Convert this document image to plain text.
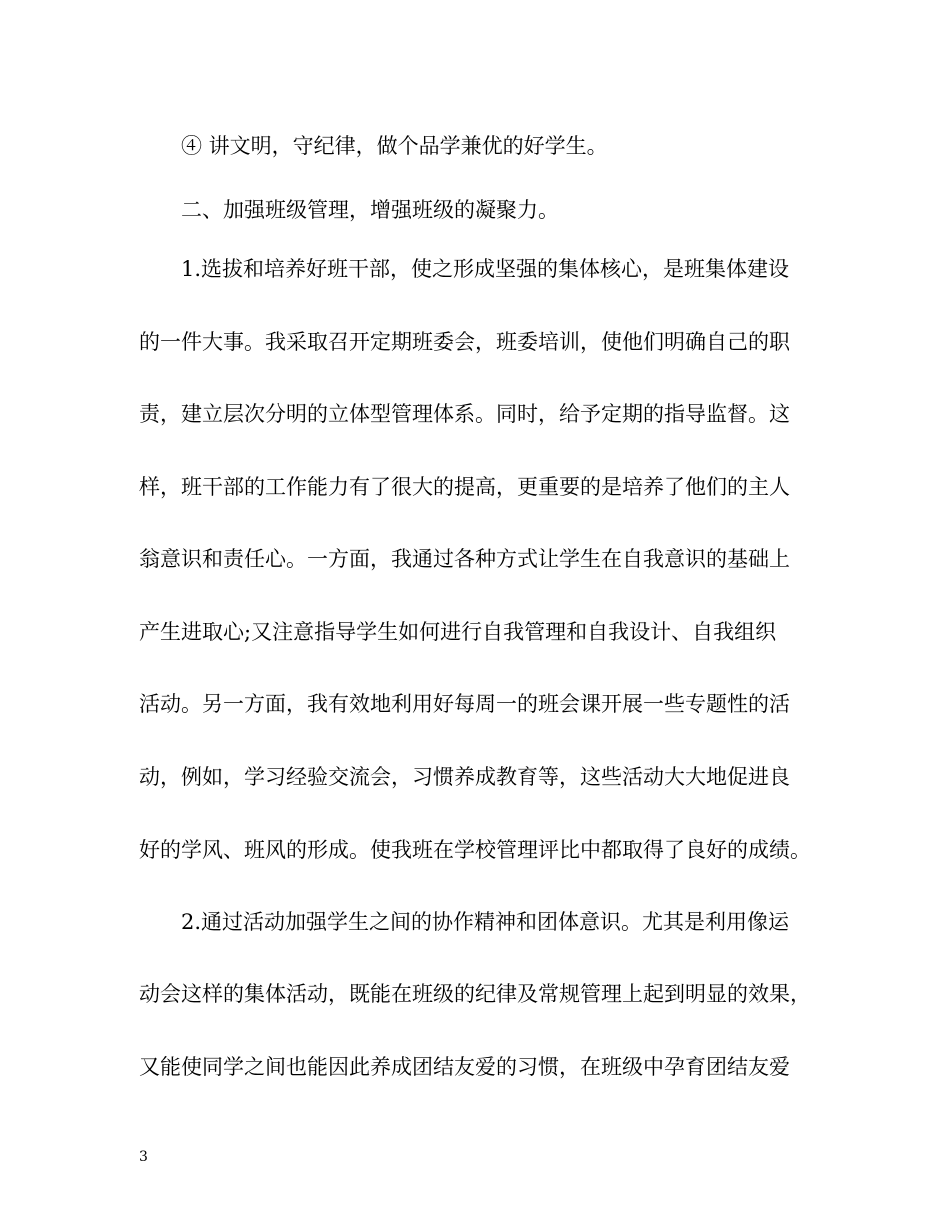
④ 讲文明，守纪律，做个品学兼优的好学生。
二、加强班级管理，增强班级的凝聚力。
1.选拔和培养好班干部，使之形成坚强的集体核心，是班集体建设
的一件大事。我采取召开定期班委会，班委培训，使他们明确自己的职
责，建立层次分明的立体型管理体系。同时，给予定期的指导监督。这
样，班干部的工作能力有了很大的提高，更重要的是培养了他们的主人
翁意识和责任心。一方面，我通过各种方式让学生在自我意识的基础上
产生进取心;又注意指导学生如何进行自我管理和自我设计、自我组织
活动。另一方面，我有效地利用好每周一的班会课开展一些专题性的活
动，例如，学习经验交流会，习惯养成教育等，这些活动大大地促进良
好的学风、班风的形成。使我班在学校管理评比中都取得了良好的成绩。
2.通过活动加强学生之间的协作精神和团体意识。尤其是利用像运
动会这样的集体活动，既能在班级的纪律及常规管理上起到明显的效果，
又能使同学之间也能因此养成团结友爱的习惯，在班级中孕育团结友爱
3
